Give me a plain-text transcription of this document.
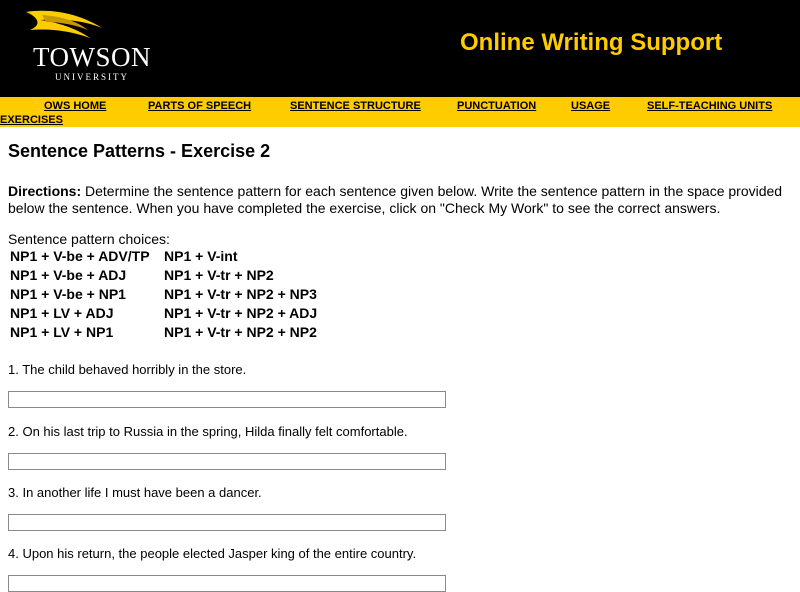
TOWSON
UNIVERSITY
Online Writing Support
OWS HOME	PARTS OF SPEECH	SENTENCE STRUCTURE	PUNCTUATION	USAGE	SELF-TEACHING UNITS
EXERCISES
Sentence Patterns - Exercise 2

Directions: Determine the sentence pattern for each sentence given below. Write the sentence pattern in the space provided below the sentence. When you have completed the exercise, click on "Check My Work" to see the correct answers.

Sentence pattern choices:

NP1 + V-be + ADV/TP
NP1 + V-be + ADJ
NP1 + V-be + NP1
NP1 + LV + ADJ
NP1 + LV + NP1
NP1 + V-int
NP1 + V-tr + NP2
NP1 + V-tr + NP2 + NP3
NP1 + V-tr + NP2 + ADJ
NP1 + V-tr + NP2 + NP2

1. The child behaved horribly in the store.

2. On his last trip to Russia in the spring, Hilda finally felt comfortable.

3. In another life I must have been a dancer.

4. Upon his return, the people elected Jasper king of the entire country.
